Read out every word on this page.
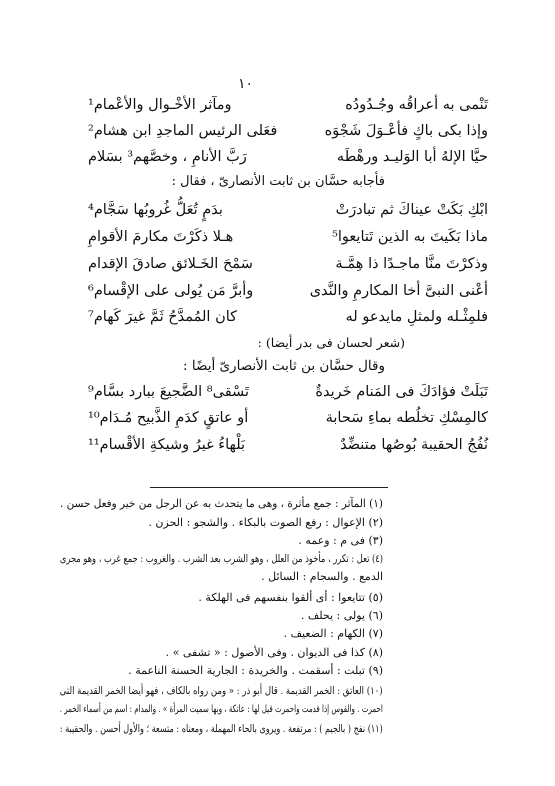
١٠
تَنْمى به أعراقُه وجُـدُودُه
ومآثر الأخْـوال والأعْمام¹
وإذا بكى باكٍ فأعْـوَلَ شَجْوَه
فعَلى الرئيس الماجدِ ابن هشام²
حيَّا الإلهُ أبا الوَليـد ورهْطَه
رَبَّ الأنامِ ، وخصَّهم³ بسَلام
فأجابه حسَّان بن ثابت الأنصارىّ ، فقال :
ابْكِ بَكَتْ عيناكَ ثم تبادرَتْ
بدَمٍ تُعَلُّ غُروبُها سَجَّام⁴
ماذا بَكَيتَ به الذين تَتايعوا⁵
هـلا ذكَرْتَ مكارمَ الأقوامِ
وذكرْتَ منَّا ماجـدًا ذا هِمَّـة
سَمْحَ الخَـلائق صادقَ الإقدام
أعْنى النبىَّ أخا المكارمِ والنَّدى
وأبرَّ مَن يُولى على الإقْسام⁶
فلمِثْـله ولمثلِ مايدعو له
كان المُمدَّحُ ثَمَّ غيرَ كَهام⁷
(شعر لحسان فى بدر أيضا) :
وقال حسَّان بن ثابت الأنصارىّ أيضًا :
تَبَلَتْ فؤادَكَ فى المَنام خَريدةٌ
تَسْقى⁸ الضَّجيعَ ببارد بسَّام⁹
كالمِسْكِ تخلُطه بماءِ سَحابة
أو عاتقٍ كدَمِ الذَّبيح مُـدَام¹⁰
نُفُجُ الحقيبة بُوصُها متنضِّدٌ
بَلْهاءُ غيرُ وشيكةِ الأقْسام¹¹
(١) المآثر : جمع مأثرة ، وهى ما يتحدث به عن الرجل من خير وفعل حسن .
(٢) الإعوال : رفع الصوت بالبكاء . والشجو : الحزن .
(٣) فى م : وعمه .
(٤) تعل : تكرر ، مأخوذ من العلل ، وهو الشرب بعد الشرب . والغروب : جمع غرب ، وهو مجرى
الدمع . والسجام : السائل .
(٥) تتايعوا : أى ألقوا بنفسهم فى الهلكة .
(٦) يولى : يحلف .
(٧) الكهام : الضعيف .
(٨) كذا فى الديوان . وفى الأصول : « تشفى » .
(٩) تبلت : أسقمت . والخريدة : الجارية الحسنة الناعمة .
(١٠) العاتق : الخمر القديمة . قال أبو ذر : « ومن رواه بالكاف ، فهو أيضا الخمر القديمة التى
احمرت . والقوس إذا قدمت واحمرت قيل لها : عاتكة ، وبها سميت المرأة » . والمدام : اسم من أسماء الخمر .
(١١) نفج ( بالجيم ) : مرتفعة . ويروى بالحاء المهملة ، ومعناه : متسعة ؛ والأول أحسن . والحقيبة :
